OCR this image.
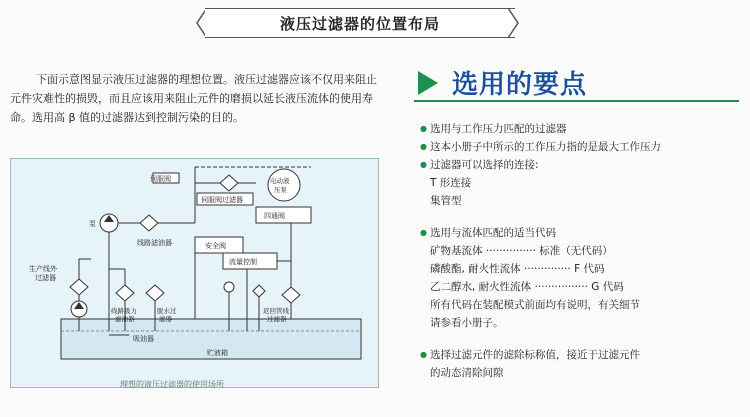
液压过滤器的位置布局
下面示意图显示液压过滤器的理想位置。液压过滤器应该不仅用来阻止元件灾难性的损毁，而且应该用来阻止元件的磨损以延长液压流体的使用寿命。选用高 β 值的过滤器达到控制污染的目的。
伺服阀
伺服阀过滤器
电动液
压泵
四通阀
泵
线路滤油器	安全阀
流量控制
生产线外
过滤器
线路吸力
滤油器
脱水过
滤器
返回管线
过滤器
吸油器
贮液箱
理想的液压过滤器的使用场所
选用的要点
● 选用与工作压力匹配的过滤器
● 这本小册子中所示的工作压力指的是最大工作压力
● 过滤器可以选择的连接:
T 形连接
集管型
● 选用与流体匹配的适当代码
矿物基流体 ··············· 标准（无代码）
磷酸酯, 耐火性流体 ·············· F 代码
乙二醇水, 耐火性流体 ················ G 代码
所有代码在装配模式前面均有说明，有关细节
请参看小册子。
● 选择过滤元件的滤除标称值，接近于过滤元件
的动态清除间隙
